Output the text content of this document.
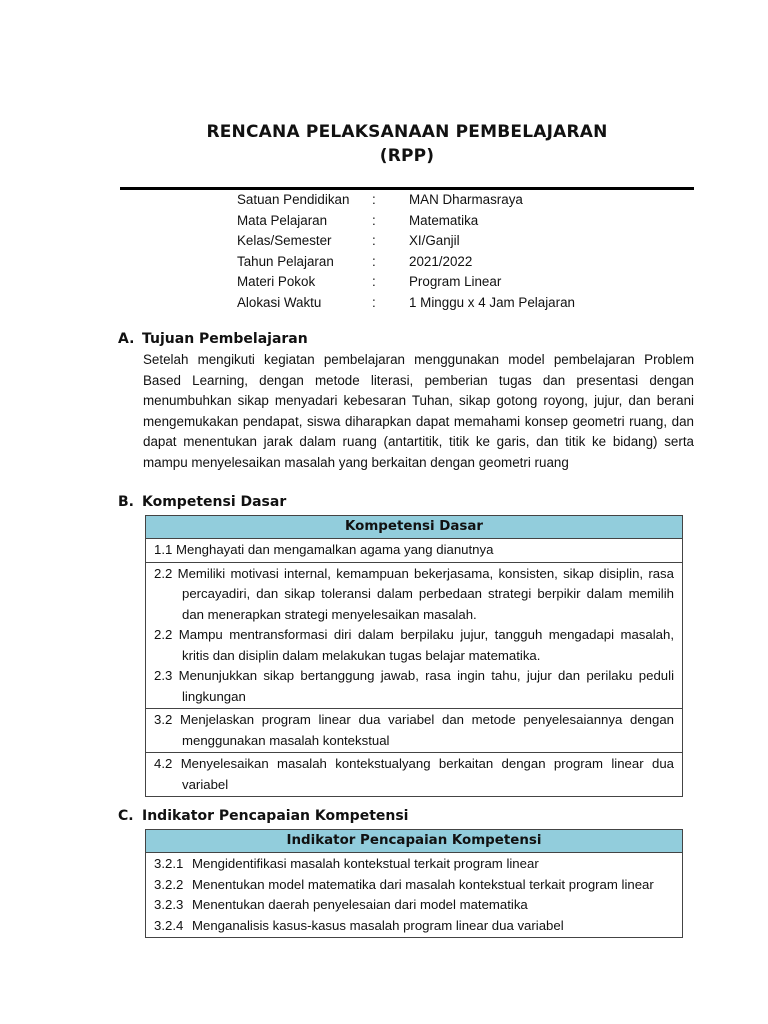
RENCANA PELAKSANAAN PEMBELAJARAN
(RPP)
Satuan Pendidikan : MAN Dharmasraya
Mata Pelajaran	: Matematika
Kelas/Semester	: XI/Ganjil
Tahun Pelajaran	: 2021/2022
Materi Pokok	: Program Linear
Alokasi Waktu	: 1 Minggu x 4 Jam Pelajaran
A. Tujuan Pembelajaran
Setelah mengikuti kegiatan pembelajaran menggunakan model pembelajaran Problem Based Learning, dengan metode literasi, pemberian tugas dan presentasi dengan menumbuhkan sikap menyadari kebesaran Tuhan, sikap gotong royong, jujur, dan berani mengemukakan pendapat, siswa diharapkan dapat memahami konsep geometri ruang, dan dapat menentukan jarak dalam ruang (antartitik, titik ke garis, dan titik ke bidang) serta mampu menyelesaikan masalah yang berkaitan dengan geometri ruang
B. Kompetensi Dasar
Kompetensi Dasar

1.1 Menghayati dan mengamalkan agama yang dianutnya

2.2 Memiliki motivasi internal, kemampuan bekerjasama, konsisten, sikap disiplin, rasa percayadiri, dan sikap toleransi dalam perbedaan strategi berpikir dalam memilih dan menerapkan strategi menyelesaikan masalah.
2.2 Mampu mentransformasi diri dalam berpilaku jujur, tangguh mengadapi masalah, kritis dan disiplin dalam melakukan tugas belajar matematika.
2.3 Menunjukkan sikap bertanggung jawab, rasa ingin tahu, jujur dan perilaku peduli lingkungan

3.2 Menjelaskan program linear dua variabel dan metode penyelesaiannya dengan menggunakan masalah kontekstual

4.2 Menyelesaikan masalah kontekstualyang berkaitan dengan program linear dua variabel
C. Indikator Pencapaian Kompetensi
Indikator Pencapaian Kompetensi

3.2.1 Mengidentifikasi masalah kontekstual terkait program linear
3.2.2 Menentukan model matematika dari masalah kontekstual terkait program linear
3.2.3 Menentukan daerah penyelesaian dari model matematika
3.2.4 Menganalisis kasus-kasus masalah program linear dua variabel
